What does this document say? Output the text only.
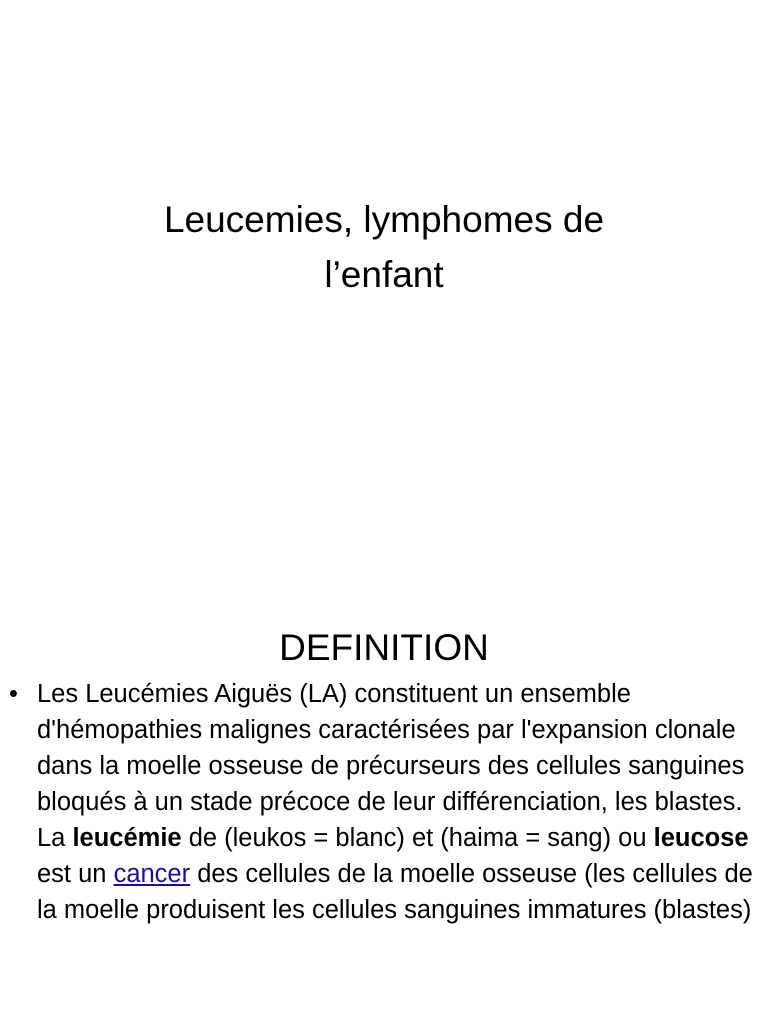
Leucemies, lymphomes de
l’enfant
DEFINITION
• Les Leucémies Aiguës (LA) constituent un ensemble d'hémopathies malignes caractérisées par l'expansion clonale dans la moelle osseuse de précurseurs des cellules sanguines bloqués à un stade précoce de leur différenciation, les blastes. La leucémie de (leukos = blanc) et (haima = sang) ou leucose est un cancer des cellules de la moelle osseuse (les cellules de la moelle produisent les cellules sanguines immatures (blastes)
